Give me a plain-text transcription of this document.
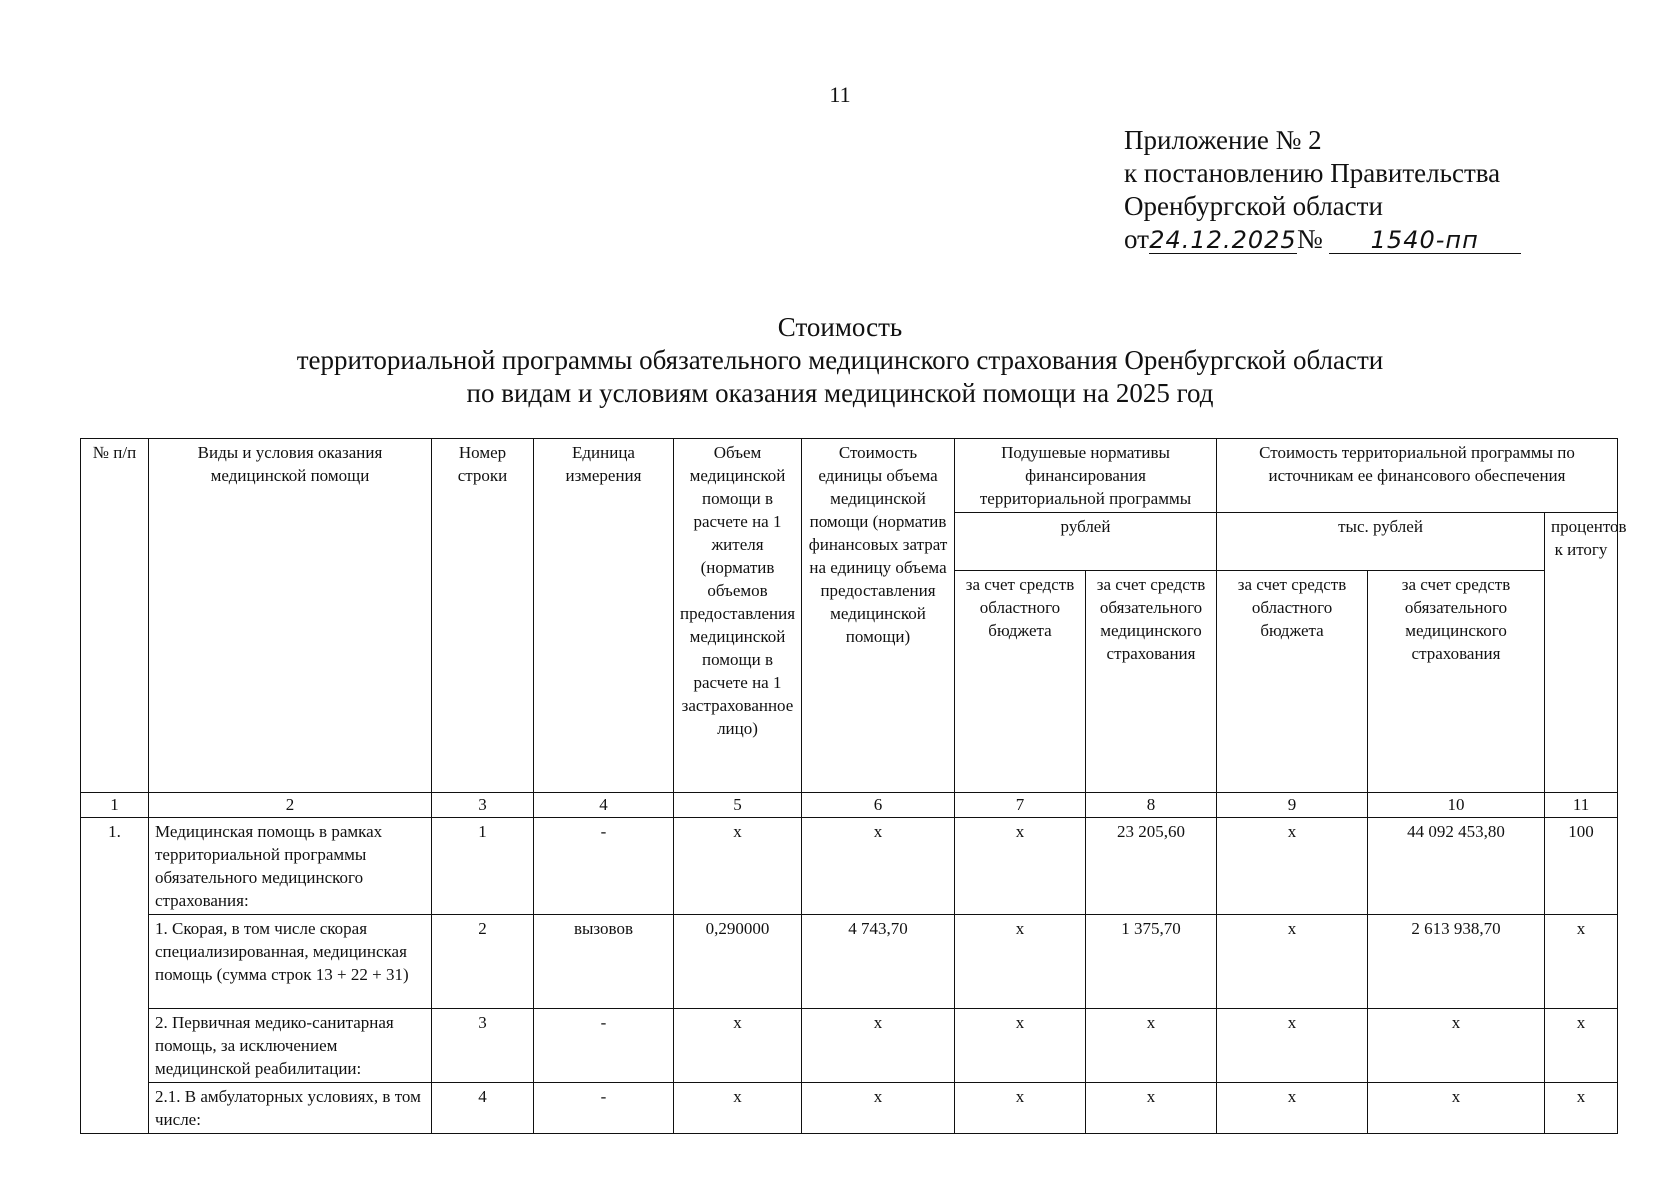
11
Приложение № 2
к постановлению Правительства
Оренбургской области
от24.12.2025№ 1540-пп
Стоимость
территориальной программы обязательного медицинского страхования Оренбургской области
по видам и условиям оказания медицинской помощи на 2025 год
№ п/п	Виды и условия оказания медицинской помощи	Номер строки	Единица измерения	Объем медицинской помощи в расчете на 1 жителя (норматив объемов предоставления медицинской помощи в расчете на 1 застрахованное лицо)	Стоимость единицы объема медицинской помощи (норматив финансовых затрат на единицу объема предоставления медицинской помощи)	Подушевые нормативы финансирования территориальной программы		Стоимость территориальной программы по источникам ее финансового обеспечения		
						рублей		тыс. рублей		процентов к итогу
						за счет средств областного бюджета	за счет средств обязательного медицинского страхования	за счет средств областного бюджета	за счет средств обязательного медицинского страхования	
1	2	3	4	5	6	7	8	9	10	11
1.	Медицинская помощь в рамках территориальной программы обязательного медицинского страхования:	1	-	х	х	х	23 205,60	х	44 092 453,80	100
	1. Скорая, в том числе скорая специализированная, медицинская помощь (сумма строк 13 + 22 + 31)	2	вызовов	0,290000	4 743,70	х	1 375,70	х	2 613 938,70	х
	2. Первичная медико-санитарная помощь, за исключением медицинской реабилитации:	3	-	х	х	х	х	х	х	х
	2.1. В амбулаторных условиях, в том числе:	4	-	х	х	х	х	х	х	х
